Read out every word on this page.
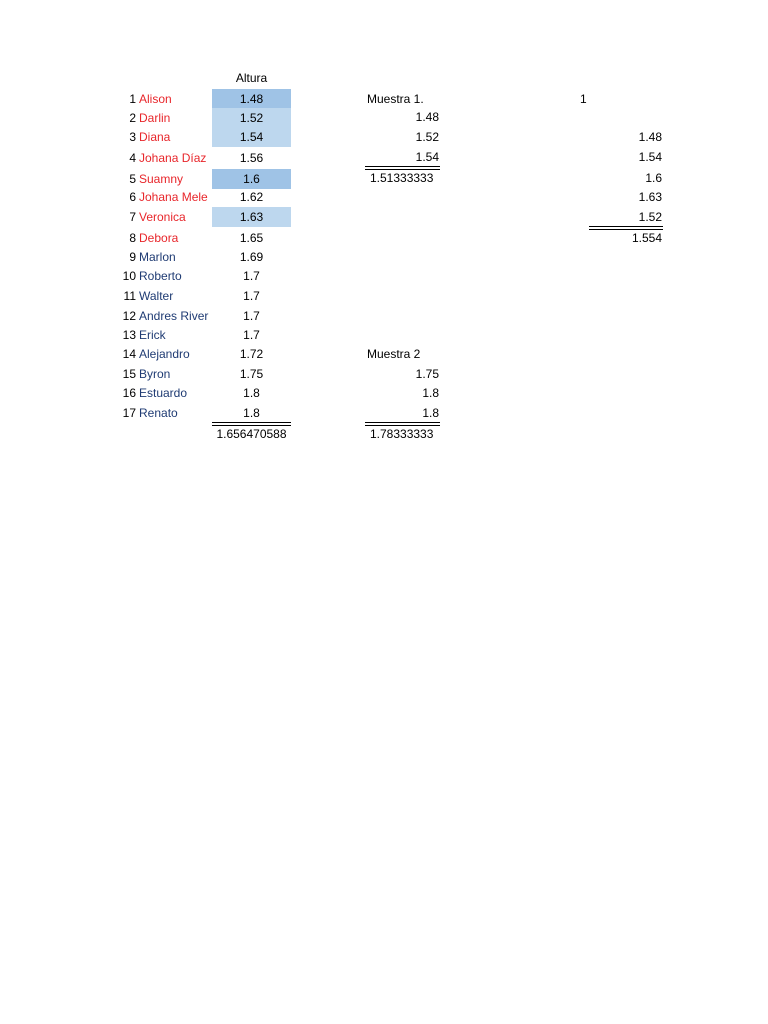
Altura
1 Alison	1.48
2 Darlin	1.52
3 Diana	1.54
4 Johana Díaz	1.56
5 Suamny	1.6
6 Johana Mele	1.62
7 Veronica	1.63
8 Debora	1.65
9 Marlon	1.69
10 Roberto	1.7
11 Walter	1.7
12 Andres River	1.7
13 Erick	1.7
14 Alejandro	1.72
15 Byron	1.75
16 Estuardo	1.8
17 Renato	1.8
1.656470588
Muestra 1.
1.48
1.52
1.54
1.51333333
Muestra 2
1.75
1.8
1.8
1.78333333
1
1.48
1.54
1.6
1.63
1.52
1.554
